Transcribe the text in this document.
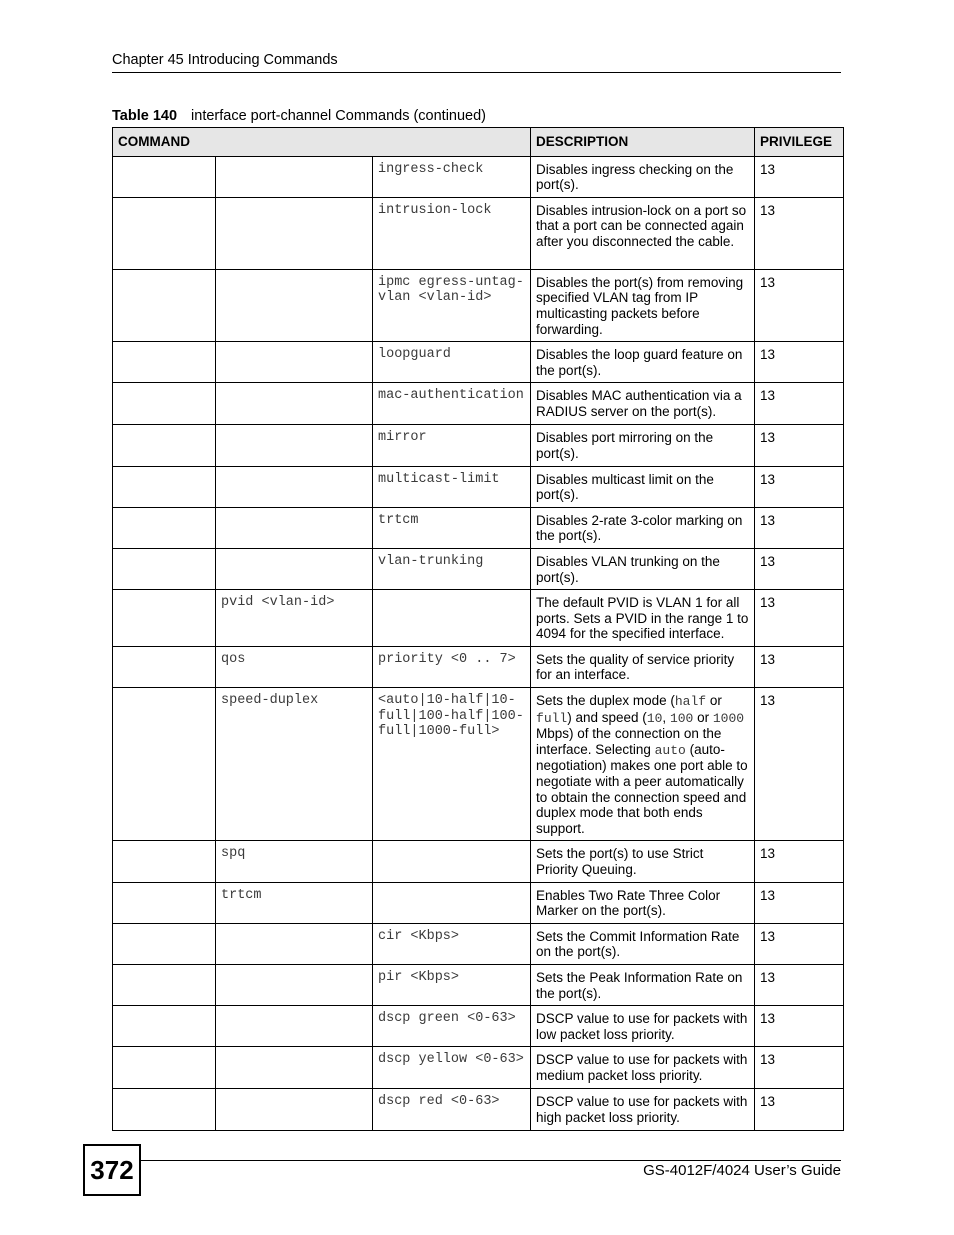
Chapter 45 Introducing Commands
Table 140 interface port-channel Commands (continued)
COMMAND			DESCRIPTION	PRIVILEGE
		ingress-check	Disables ingress checking on the port(s).	13
		intrusion-lock	Disables intrusion-lock on a port so that a port can be connected again after you disconnected the cable.	13
		ipmc egress-untag-vlan <vlan-id>	Disables the port(s) from removing specified VLAN tag from IP multicasting packets before forwarding.	13
		loopguard	Disables the loop guard feature on the port(s).	13
		mac-authentication	Disables MAC authentication via a RADIUS server on the port(s).	13
		mirror	Disables port mirroring on the port(s).	13
		multicast-limit	Disables multicast limit on the port(s).	13
		trtcm	Disables 2-rate 3-color marking on the port(s).	13
		vlan-trunking	Disables VLAN trunking on the port(s).	13
	pvid <vlan-id>		The default PVID is VLAN 1 for all ports. Sets a PVID in the range 1 to 4094 for the specified interface.	13
	qos	priority <0 .. 7>	Sets the quality of service priority for an interface.	13
	speed-duplex	<auto|10-half|10-full|100-half|100-full|1000-full>	Sets the duplex mode (half or full) and speed (10, 100 or 1000 Mbps) of the connection on the interface. Selecting auto (auto-negotiation) makes one port able to negotiate with a peer automatically to obtain the connection speed and duplex mode that both ends support.	13
	spq		Sets the port(s) to use Strict Priority Queuing.	13
	trtcm		Enables Two Rate Three Color Marker on the port(s).	13
		cir <Kbps>	Sets the Commit Information Rate on the port(s).	13
		pir <Kbps>	Sets the Peak Information Rate on the port(s).	13
		dscp green <0-63>	DSCP value to use for packets with low packet loss priority.	13
		dscp yellow <0-63>	DSCP value to use for packets with medium packet loss priority.	13
		dscp red <0-63>	DSCP value to use for packets with high packet loss priority.	13
372	GS-4012F/4024 User’s Guide
